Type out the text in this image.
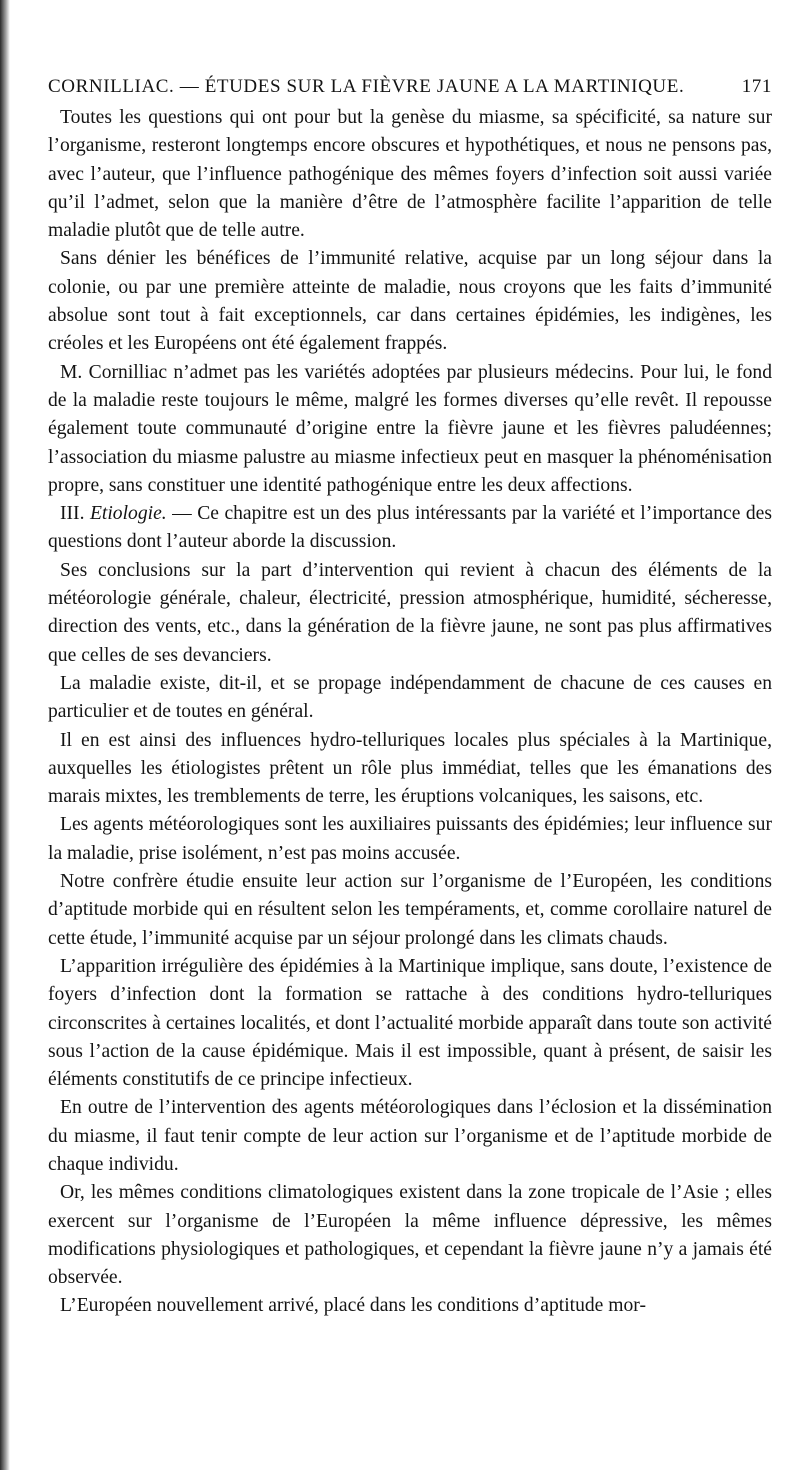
CORNILLIAC. — ÉTUDES SUR LA FIÈVRE JAUNE A LA MARTINIQUE.	171

Toutes les questions qui ont pour but la genèse du miasme, sa spécificité, sa nature sur l’organisme, resteront longtemps encore obscures et hypothétiques, et nous ne pensons pas, avec l’auteur, que l’influence pathogénique des mêmes foyers d’infection soit aussi variée qu’il l’admet, selon que la manière d’être de l’atmosphère facilite l’apparition de telle maladie plutôt que de telle autre.

Sans dénier les bénéfices de l’immunité relative, acquise par un long séjour dans la colonie, ou par une première atteinte de maladie, nous croyons que les faits d’immunité absolue sont tout à fait exceptionnels, car dans certaines épidémies, les indigènes, les créoles et les Européens ont été également frappés.

M. Cornilliac n’admet pas les variétés adoptées par plusieurs médecins. Pour lui, le fond de la maladie reste toujours le même, malgré les formes diverses qu’elle revêt. Il repousse également toute communauté d’origine entre la fièvre jaune et les fièvres paludéennes; l’association du miasme palustre au miasme infectieux peut en masquer la phénoménisation propre, sans constituer une identité pathogénique entre les deux affections.

III. Etiologie. — Ce chapitre est un des plus intéressants par la variété et l’importance des questions dont l’auteur aborde la discussion.

Ses conclusions sur la part d’intervention qui revient à chacun des éléments de la météorologie générale, chaleur, électricité, pression atmosphérique, humidité, sécheresse, direction des vents, etc., dans la génération de la fièvre jaune, ne sont pas plus affirmatives que celles de ses devanciers.

La maladie existe, dit-il, et se propage indépendamment de chacune de ces causes en particulier et de toutes en général.

Il en est ainsi des influences hydro-telluriques locales plus spéciales à la Martinique, auxquelles les étiologistes prêtent un rôle plus immédiat, telles que les émanations des marais mixtes, les tremblements de terre, les éruptions volcaniques, les saisons, etc.

Les agents météorologiques sont les auxiliaires puissants des épidémies; leur influence sur la maladie, prise isolément, n’est pas moins accusée.

Notre confrère étudie ensuite leur action sur l’organisme de l’Européen, les conditions d’aptitude morbide qui en résultent selon les tempéraments, et, comme corollaire naturel de cette étude, l’immunité acquise par un séjour prolongé dans les climats chauds.

L’apparition irrégulière des épidémies à la Martinique implique, sans doute, l’existence de foyers d’infection dont la formation se rattache à des conditions hydro-telluriques circonscrites à certaines localités, et dont l’actualité morbide apparaît dans toute son activité sous l’action de la cause épidémique. Mais il est impossible, quant à présent, de saisir les éléments constitutifs de ce principe infectieux.

En outre de l’intervention des agents météorologiques dans l’éclosion et la dissémination du miasme, il faut tenir compte de leur action sur l’organisme et de l’aptitude morbide de chaque individu.

Or, les mêmes conditions climatologiques existent dans la zone tropicale de l’Asie ; elles exercent sur l’organisme de l’Européen la même influence dépressive, les mêmes modifications physiologiques et pathologiques, et cependant la fièvre jaune n’y a jamais été observée.

L’Européen nouvellement arrivé, placé dans les conditions d’aptitude mor-
